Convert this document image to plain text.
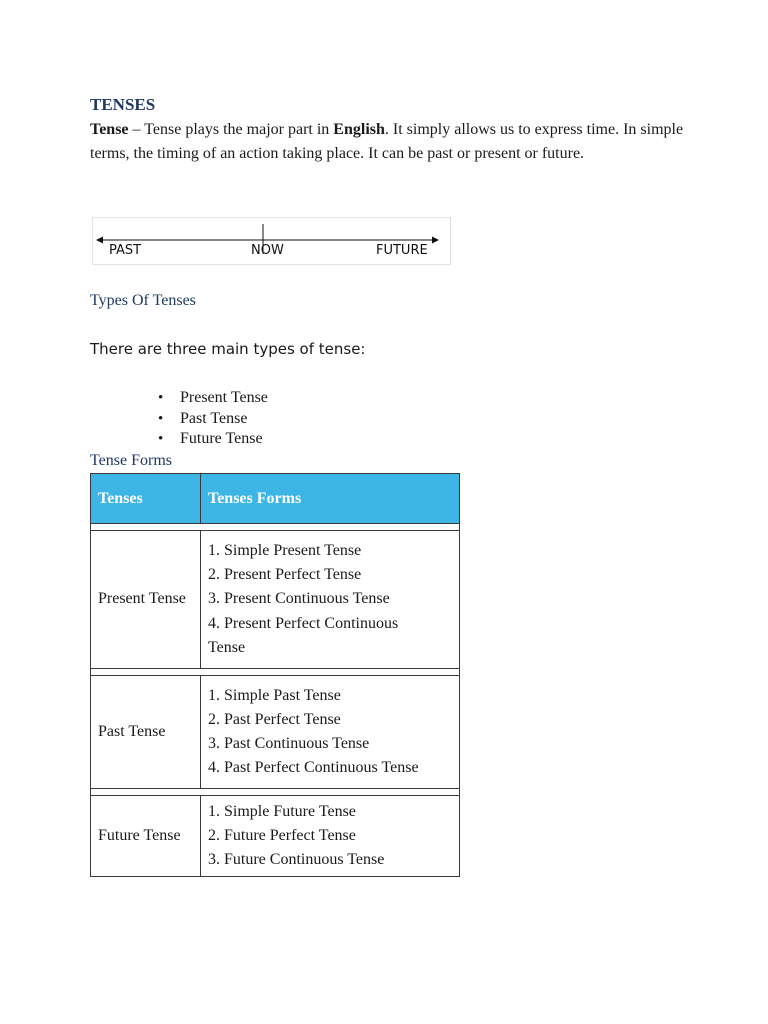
TENSES
Tense – Tense plays the major part in English. It simply allows us to express time. In simple terms, the timing of an action taking place. It can be past or present or future.
PAST	NOW	FUTURE
Types Of Tenses
There are three main types of tense:
• Present Tense
• Past Tense
• Future Tense
Tense Forms
Tenses	Tenses Forms

Present Tense	1. Simple Present Tense
2. Present Perfect Tense
3. Present Continuous Tense
4. Present Perfect Continuous Tense

Past Tense	1. Simple Past Tense
2. Past Perfect Tense
3. Past Continuous Tense
4. Past Perfect Continuous Tense

Future Tense	1. Simple Future Tense
2. Future Perfect Tense
3. Future Continuous Tense
